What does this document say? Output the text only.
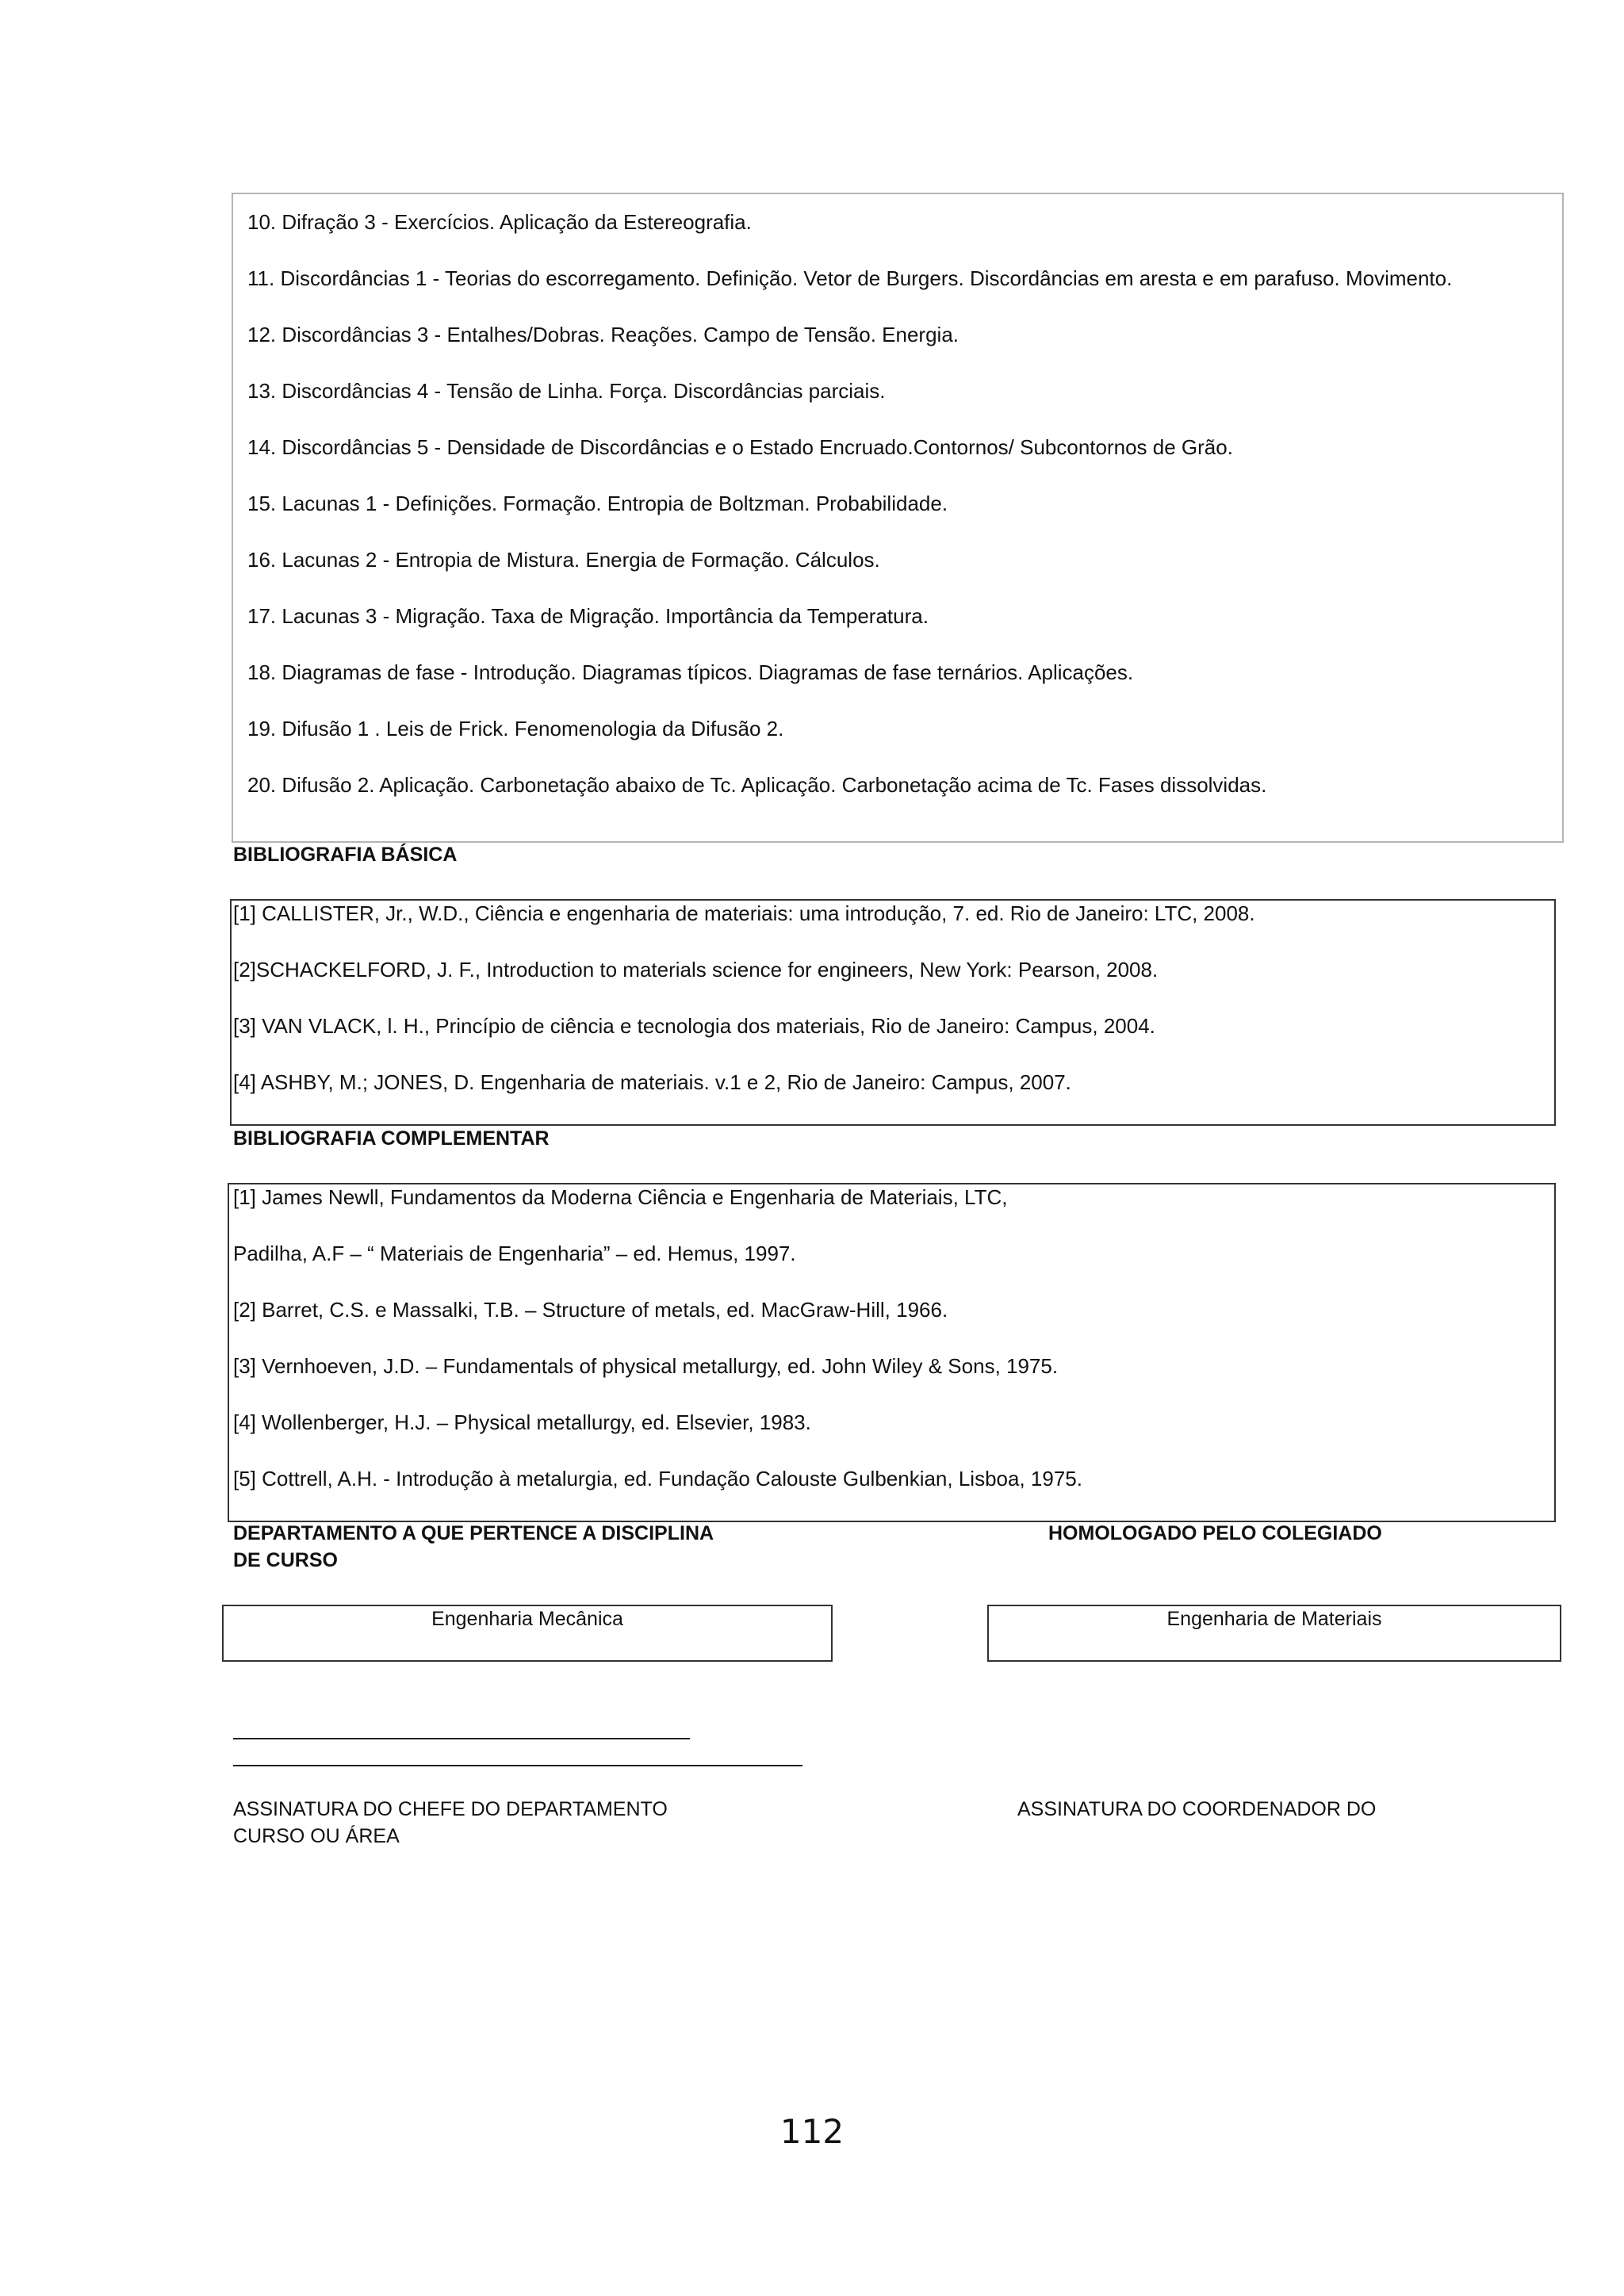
10. Difração 3 - Exercícios. Aplicação da Estereografia.
11. Discordâncias 1 - Teorias do escorregamento. Definição. Vetor de Burgers. Discordâncias em aresta e em parafuso. Movimento.
12. Discordâncias 3 - Entalhes/Dobras. Reações. Campo de Tensão. Energia.
13. Discordâncias 4 - Tensão de Linha. Força. Discordâncias parciais.
14. Discordâncias 5 - Densidade de Discordâncias e o Estado Encruado.Contornos/ Subcontornos de Grão.
15. Lacunas 1 - Definições. Formação. Entropia de Boltzman. Probabilidade.
16. Lacunas 2 - Entropia de Mistura. Energia de Formação. Cálculos.
17. Lacunas 3 - Migração. Taxa de Migração. Importância da Temperatura.
18. Diagramas de fase - Introdução. Diagramas típicos. Diagramas de fase ternários. Aplicações.
19. Difusão 1 . Leis de Frick. Fenomenologia da Difusão 2.
20. Difusão 2. Aplicação. Carbonetação abaixo de Tc. Aplicação. Carbonetação acima de Tc. Fases dissolvidas.
BIBLIOGRAFIA BÁSICA
[1] CALLISTER, Jr., W.D., Ciência e engenharia de materiais: uma introdução, 7. ed. Rio de Janeiro: LTC, 2008.
[2]SCHACKELFORD, J. F., Introduction to materials science for engineers, New York: Pearson, 2008.
[3] VAN VLACK, l. H., Princípio de ciência e tecnologia dos materiais, Rio de Janeiro: Campus, 2004.
[4] ASHBY, M.; JONES, D. Engenharia de materiais. v.1 e 2, Rio de Janeiro: Campus, 2007.
BIBLIOGRAFIA COMPLEMENTAR
[1] James Newll, Fundamentos da Moderna Ciência e Engenharia de Materiais, LTC,
Padilha, A.F – “ Materiais de Engenharia” – ed. Hemus, 1997.
[2] Barret, C.S. e Massalki, T.B. – Structure of metals, ed. MacGraw-Hill, 1966.
[3] Vernhoeven, J.D. – Fundamentals of physical metallurgy, ed. John Wiley & Sons, 1975.
[4] Wollenberger, H.J. – Physical metallurgy, ed. Elsevier, 1983.
[5] Cottrell, A.H. - Introdução à metalurgia, ed. Fundação Calouste Gulbenkian, Lisboa, 1975.
DEPARTAMENTO A QUE PERTENCE A DISCIPLINA
DE CURSO
HOMOLOGADO PELO COLEGIADO
Engenharia Mecânica	Engenharia de Materiais
ASSINATURA DO CHEFE DO DEPARTAMENTO
CURSO OU ÁREA
ASSINATURA DO COORDENADOR DO
112
